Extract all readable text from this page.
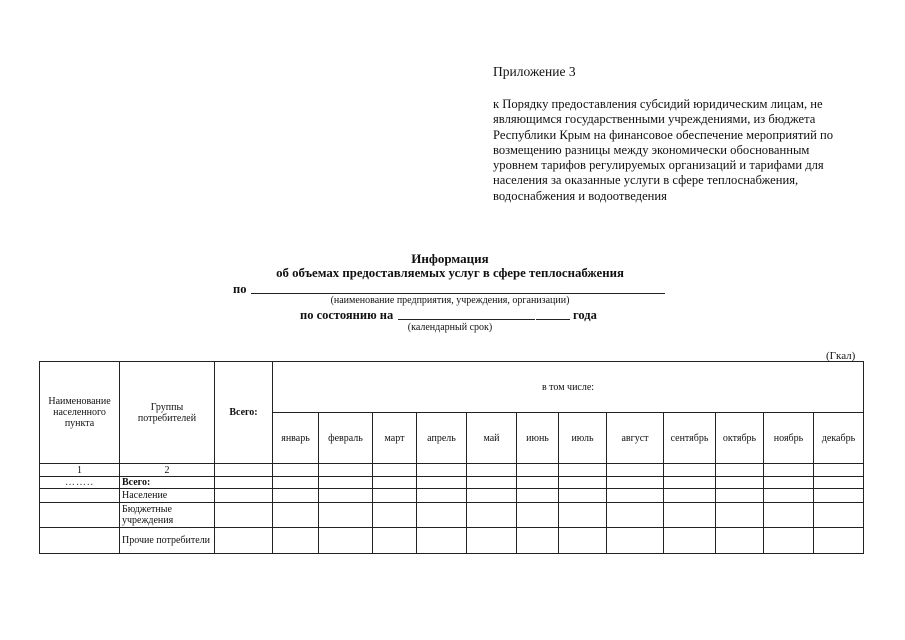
Приложение 3
к Порядку предоставления субсидий юридическим лицам, не
являющимся государственными учреждениями, из бюджета
Республики Крым на финансовое обеспечение мероприятий по
возмещению разницы между экономически обоснованным
уровнем тарифов регулируемых организаций и тарифами для
населения за оказанные услуги в сфере теплоснабжения,
водоснабжения и водоотведения
Информация
об объемах предоставляемых услуг в сфере теплоснабжения
по
(наименование предприятия, учреждения, организации)
по состоянию на	года
(календарный срок)
(Гкал)
Наименование населенного пункта	Группы потребителей	Всего:	в том числе:											
			январь	февраль	март	апрель	май	июнь	июль	август	сентябрь	октябрь	ноябрь	декабрь
1	2													
……..	Всего:													
	Население													
	Бюджетные учреждения													
	Прочие потребители													
